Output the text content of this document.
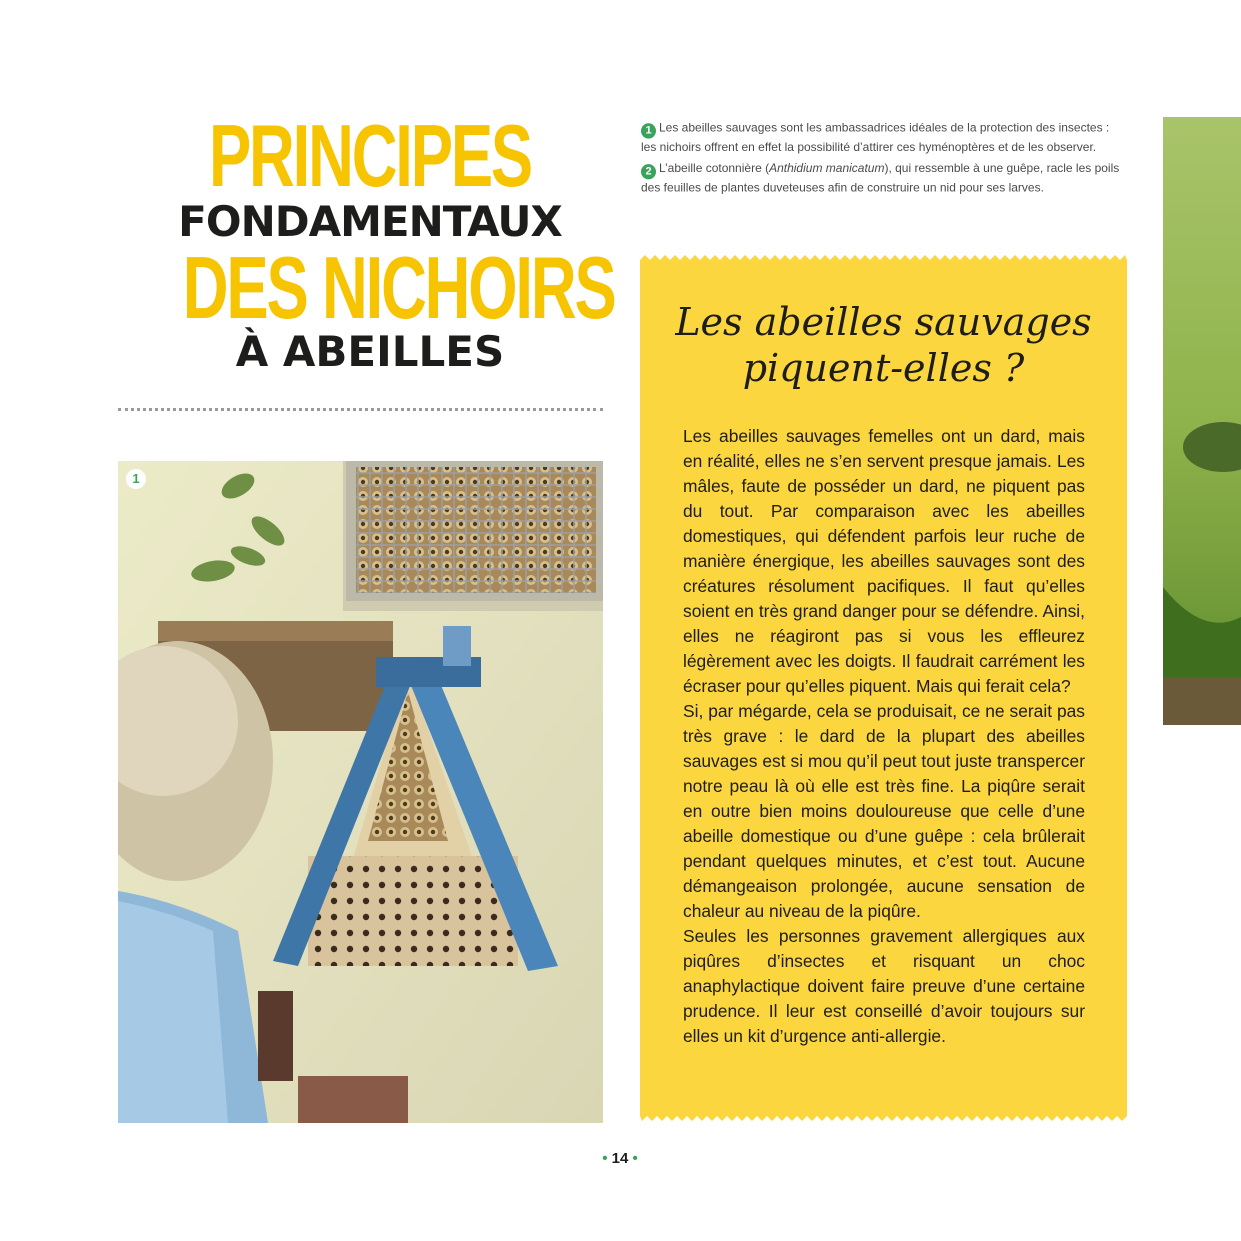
PRINCIPES
FONDAMENTAUX
DES NICHOIRS
À ABEILLES

1 Les abeilles sauvages sont les ambassadrices idéales de la protection des insectes : les nichoirs offrent en effet la possibilité d’attirer ces hyménoptères et de les observer.

2 L’abeille cotonnière (Anthidium manicatum), qui ressemble à une guêpe, racle les poils des feuilles de plantes duveteuses afin de construire un nid pour ses larves.

1
Les abeilles sauvages
piquent-elles ?

Les abeilles sauvages femelles ont un dard, mais en réalité, elles ne s’en servent presque jamais. Les mâles, faute de posséder un dard, ne piquent pas du tout. Par comparaison avec les abeilles domestiques, qui défendent parfois leur ruche de manière énergique, les abeilles sauvages sont des créatures résolument pacifiques. Il faut qu’elles soient en très grand danger pour se défendre. Ainsi, elles ne réagiront pas si vous les effleurez légèrement avec les doigts. Il faudrait carrément les écraser pour qu’elles piquent. Mais qui ferait cela?

Si, par mégarde, cela se produisait, ce ne serait pas très grave : le dard de la plupart des abeilles sauvages est si mou qu’il peut tout juste transpercer notre peau là où elle est très fine. La piqûre serait en outre bien moins douloureuse que celle d’une abeille domestique ou d’une guêpe : cela brûlerait pendant quelques minutes, et c’est tout. Aucune démangeaison prolongée, aucune sensation de chaleur au niveau de la piqûre.

Seules les personnes gravement allergiques aux piqûres d’insectes et risquant un choc anaphylactique doivent faire preuve d’une certaine prudence. Il leur est conseillé d’avoir toujours sur elles un kit d’urgence anti-allergie.

• 14 •
